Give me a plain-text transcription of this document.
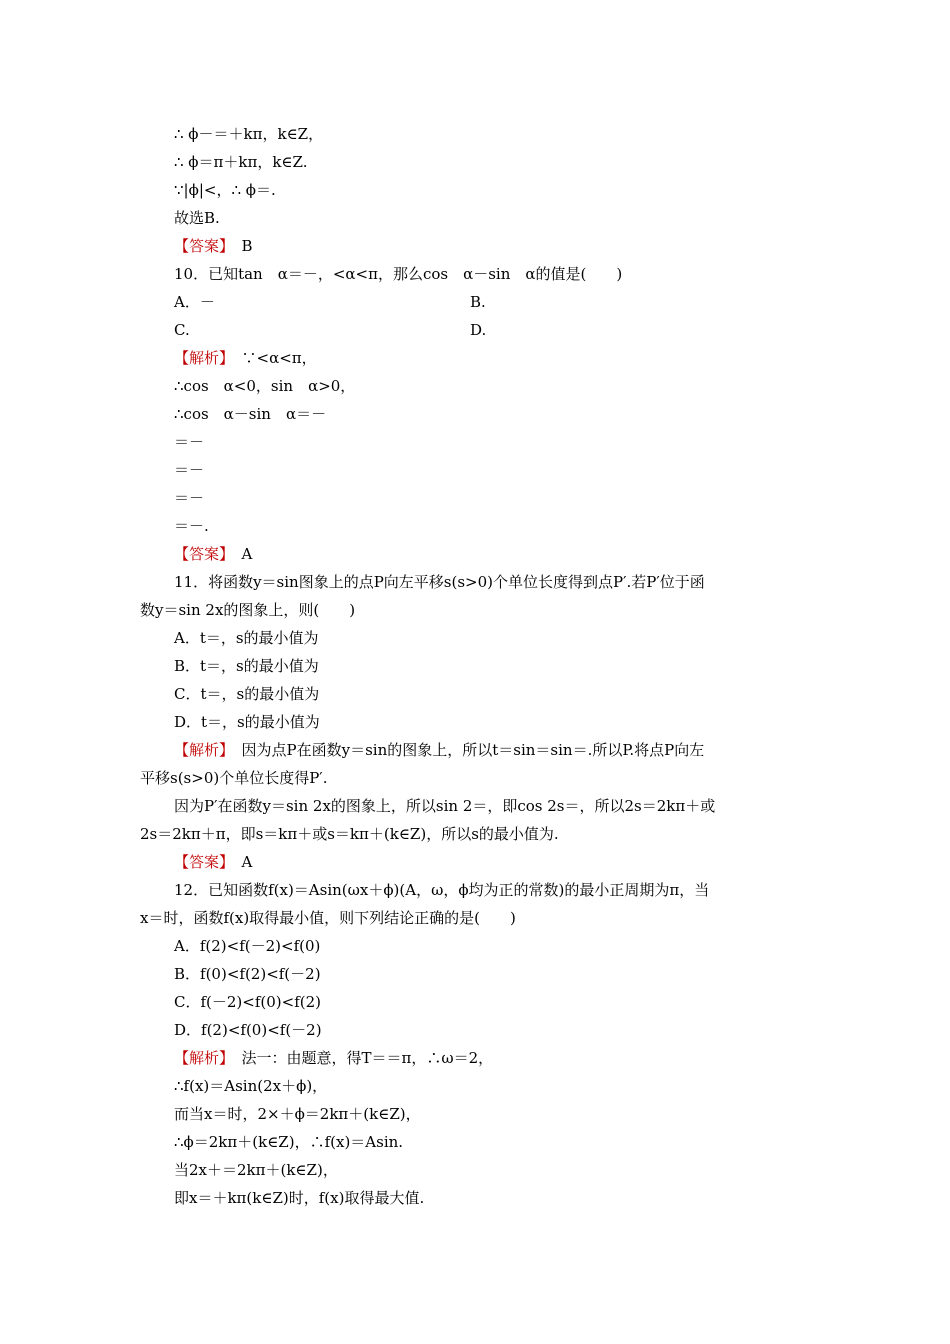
∴ ϕ－＝＋kπ，k∈Z，
∴ ϕ＝π＋kπ，k∈Z.
∵|ϕ|<，∴ ϕ＝.
故选B.
【答案】　B
10．已知tan　α＝－，<α<π，那么cos　α－sin　α的值是(　　)
A．－	B.
C.	D.
【解析】　∵<α<π，
∴cos　α<0，sin　α>0，
∴cos　α－sin　α＝－
＝－
＝－
＝－
＝－.
【答案】　A
11．将函数y＝sin图象上的点P向左平移s(s>0)个单位长度得到点P′.若P′位于函
数y＝sin 2x的图象上，则(　　)
A．t＝，s的最小值为
B．t＝，s的最小值为
C．t＝，s的最小值为
D．t＝，s的最小值为
【解析】　因为点P在函数y＝sin的图象上，所以t＝sin＝sin＝.所以P.将点P向左
平移s(s>0)个单位长度得P′.
因为P′在函数y＝sin 2x的图象上，所以sin 2＝，即cos 2s＝，所以2s＝2kπ＋或
2s＝2kπ＋π，即s＝kπ＋或s＝kπ＋(k∈Z)，所以s的最小值为.
【答案】　A
12．已知函数f(x)＝Asin(ωx＋ϕ)(A，ω，ϕ均为正的常数)的最小正周期为π，当
x＝时，函数f(x)取得最小值，则下列结论正确的是(　　)
A．f(2)<f(－2)<f(0)
B．f(0)<f(2)<f(－2)
C．f(－2)<f(0)<f(2)
D．f(2)<f(0)<f(－2)
【解析】　法一：由题意，得T＝＝π，∴ω＝2，
∴f(x)＝Asin(2x＋ϕ)，
而当x＝时，2×＋ϕ＝2kπ＋(k∈Z)，
∴ϕ＝2kπ＋(k∈Z)，∴f(x)＝Asin.
当2x＋＝2kπ＋(k∈Z)，
即x＝＋kπ(k∈Z)时，f(x)取得最大值.
